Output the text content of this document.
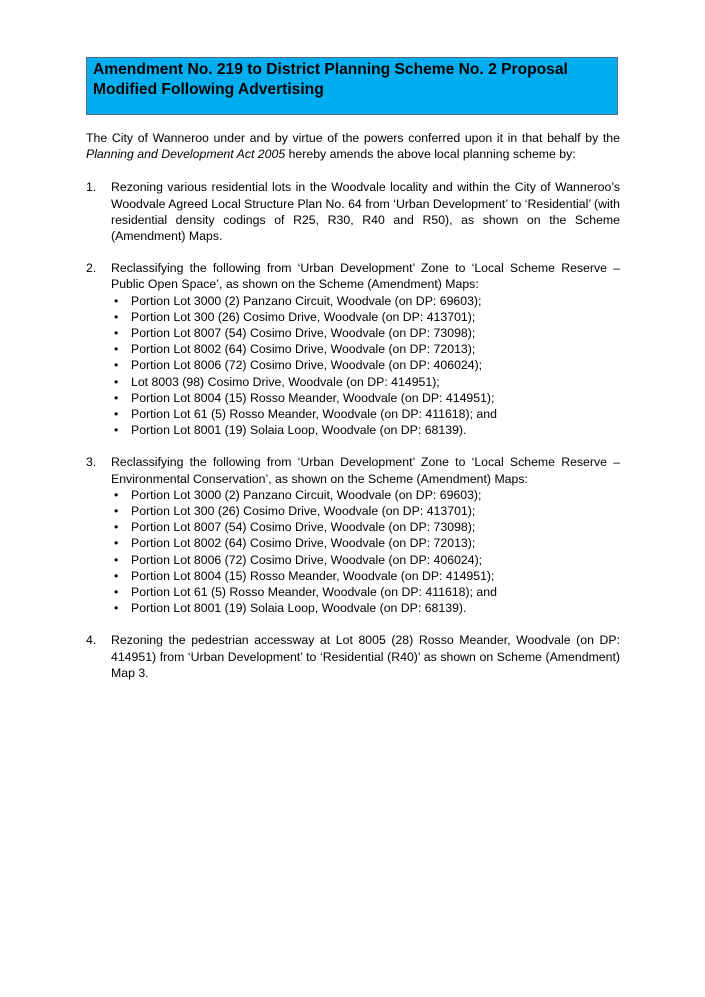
Amendment No. 219 to District Planning Scheme No. 2 Proposal
Modified Following Advertising

The City of Wanneroo under and by virtue of the powers conferred upon it in that behalf by the Planning and Development Act 2005 hereby amends the above local planning scheme by:

1.	Rezoning various residential lots in the Woodvale locality and within the City of Wanneroo’s Woodvale Agreed Local Structure Plan No. 64 from ‘Urban Development’ to ‘Residential’ (with residential density codings of R25, R30, R40 and R50), as shown on the Scheme (Amendment) Maps.
2.	Reclassifying the following from ‘Urban Development’ Zone to ‘Local Scheme Reserve – Public Open Space’, as shown on the Scheme (Amendment) Maps:
•	Portion Lot 3000 (2) Panzano Circuit, Woodvale (on DP: 69603);
•	Portion Lot 300 (26) Cosimo Drive, Woodvale (on DP: 413701);
•	Portion Lot 8007 (54) Cosimo Drive, Woodvale (on DP: 73098);
•	Portion Lot 8002 (64) Cosimo Drive, Woodvale (on DP: 72013);
•	Portion Lot 8006 (72) Cosimo Drive, Woodvale (on DP: 406024);
•	Lot 8003 (98) Cosimo Drive, Woodvale (on DP: 414951);
•	Portion Lot 8004 (15) Rosso Meander, Woodvale (on DP: 414951);
•	Portion Lot 61 (5) Rosso Meander, Woodvale (on DP: 411618); and
•	Portion Lot 8001 (19) Solaia Loop, Woodvale (on DP: 68139).
3.	Reclassifying the following from ‘Urban Development’ Zone to ‘Local Scheme Reserve – Environmental Conservation’, as shown on the Scheme (Amendment) Maps:
•	Portion Lot 3000 (2) Panzano Circuit, Woodvale (on DP: 69603);
•	Portion Lot 300 (26) Cosimo Drive, Woodvale (on DP: 413701);
•	Portion Lot 8007 (54) Cosimo Drive, Woodvale (on DP: 73098);
•	Portion Lot 8002 (64) Cosimo Drive, Woodvale (on DP: 72013);
•	Portion Lot 8006 (72) Cosimo Drive, Woodvale (on DP: 406024);
•	Portion Lot 8004 (15) Rosso Meander, Woodvale (on DP: 414951);
•	Portion Lot 61 (5) Rosso Meander, Woodvale (on DP: 411618); and
•	Portion Lot 8001 (19) Solaia Loop, Woodvale (on DP: 68139).
4.	Rezoning the pedestrian accessway at Lot 8005 (28) Rosso Meander, Woodvale (on DP: 414951) from ‘Urban Development’ to ‘Residential (R40)’ as shown on Scheme (Amendment) Map 3.
